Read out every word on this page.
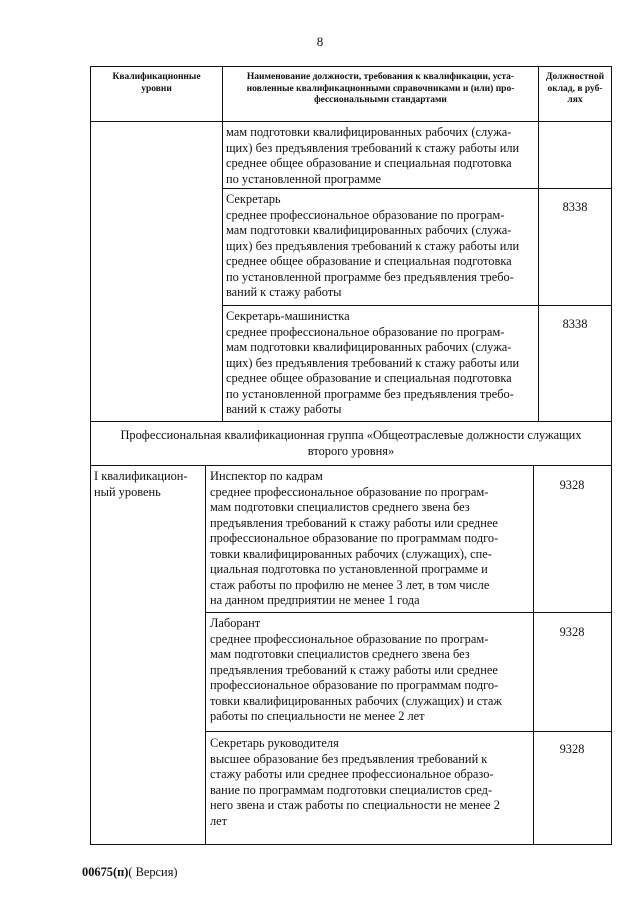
8
Квалификационные
уровни
Наименование должности, требования к квалификации, уста-
новленные квалификационными справочниками и (или) про-
фессиональными стандартами
Должностной
оклад, в руб-
лях
мам подготовки квалифицированных рабочих (служа-
щих) без предъявления требований к стажу работы или
среднее общее образование и специальная подготовка
по установленной программе
Секретарь
среднее профессиональное образование по програм-
мам подготовки квалифицированных рабочих (служа-
щих) без предъявления требований к стажу работы или
среднее общее образование и специальная подготовка
по установленной программе без предъявления требо-
ваний к стажу работы
8338
Секретарь-машинистка
среднее профессиональное образование по програм-
мам подготовки квалифицированных рабочих (служа-
щих) без предъявления требований к стажу работы или
среднее общее образование и специальная подготовка
по установленной программе без предъявления требо-
ваний к стажу работы
8338
Профессиональная квалификационная группа «Общеотраслевые должности служащих
второго уровня»
I квалификацион-
ный уровень
Инспектор по кадрам
среднее профессиональное образование по програм-
мам подготовки специалистов среднего звена без
предъявления требований к стажу работы или среднее
профессиональное образование по программам подго-
товки квалифицированных рабочих (служащих), спе-
циальная подготовка по установленной программе и
стаж работы по профилю не менее 3 лет, в том числе
на данном предприятии не менее 1 года
9328
Лаборант
среднее профессиональное образование по програм-
мам подготовки специалистов среднего звена без
предъявления требований к стажу работы или среднее
профессиональное образование по программам подго-
товки квалифицированных рабочих (служащих) и стаж
работы по специальности не менее 2 лет
9328
Секретарь руководителя
высшее образование без предъявления требований к
стажу работы или среднее профессиональное образо-
вание по программам подготовки специалистов сред-
него звена и стаж работы по специальности не менее 2
лет
9328
00675(п)( Версия)
